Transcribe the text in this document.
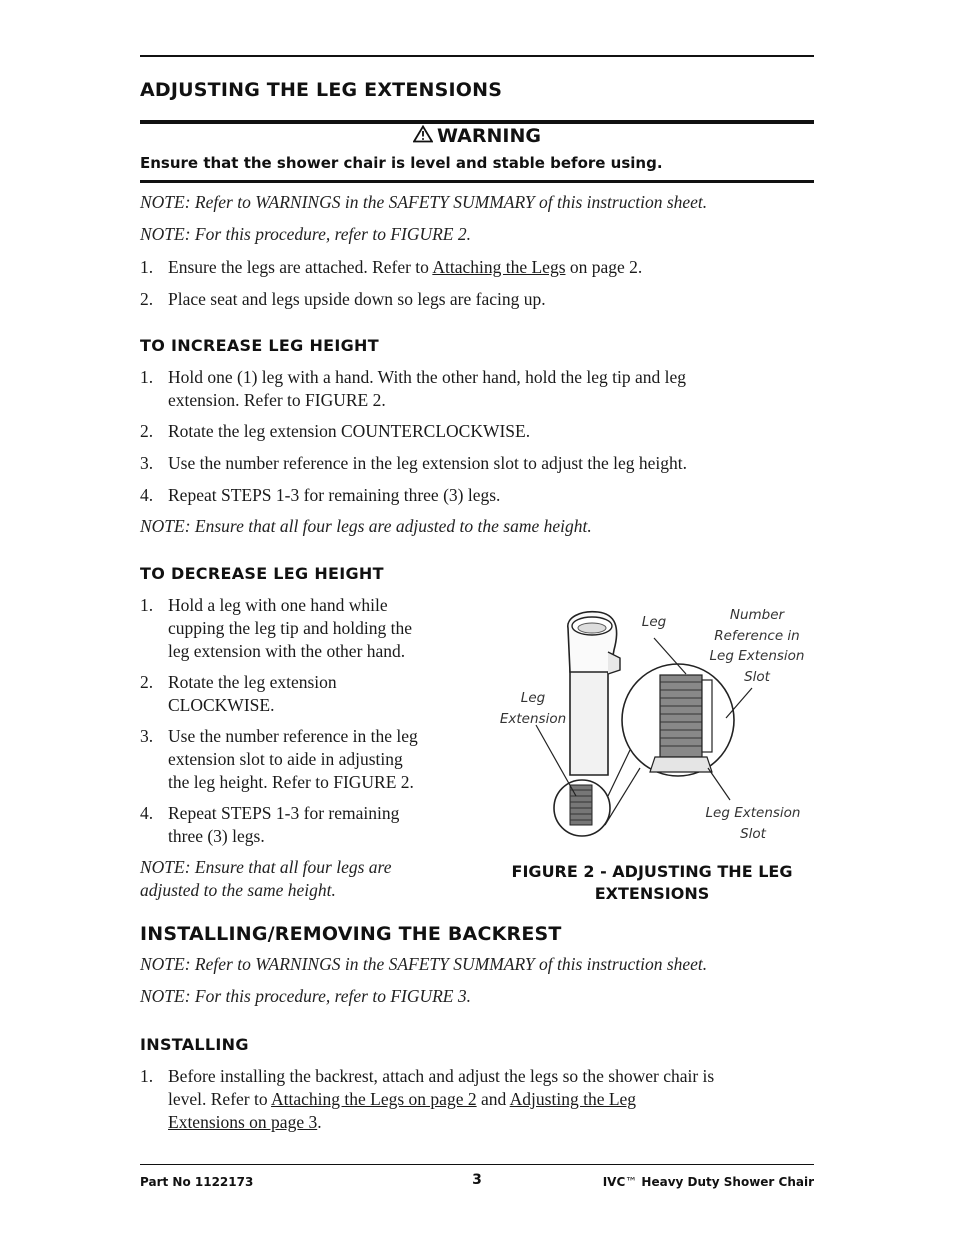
ADJUSTING THE LEG EXTENSIONS
WARNING
Ensure that the shower chair is level and stable before using.
NOTE: Refer to WARNINGS in the SAFETY SUMMARY of this instruction sheet.
NOTE: For this procedure, refer to FIGURE 2.
1. Ensure the legs are attached. Refer to Attaching the Legs on page 2.
2. Place seat and legs upside down so legs are facing up.
TO INCREASE LEG HEIGHT
1. Hold one (1) leg with a hand. With the other hand, hold the leg tip and leg
extension. Refer to FIGURE 2.
2. Rotate the leg extension COUNTERCLOCKWISE.
3. Use the number reference in the leg extension slot to adjust the leg height.
4. Repeat STEPS 1-3 for remaining three (3) legs.
NOTE: Ensure that all four legs are adjusted to the same height.
TO DECREASE LEG HEIGHT
1. Hold a leg with one hand while
cupping the leg tip and holding the
leg extension with the other hand.
2. Rotate the leg extension
CLOCKWISE.
3. Use the number reference in the leg
extension slot to aide in adjusting
the leg height. Refer to FIGURE 2.
4. Repeat STEPS 1-3 for remaining
three (3) legs.
NOTE: Ensure that all four legs are
adjusted to the same height.
Leg	Number
Reference in
Leg Extension
Slot
Leg
Extension
Leg Extension
Slot
FIGURE 2 - ADJUSTING THE LEG
EXTENSIONS
INSTALLING/REMOVING THE BACKREST
NOTE: Refer to WARNINGS in the SAFETY SUMMARY of this instruction sheet.
NOTE: For this procedure, refer to FIGURE 3.
INSTALLING
1. Before installing the backrest, attach and adjust the legs so the shower chair is
level. Refer to Attaching the Legs on page 2 and Adjusting the Leg
Extensions on page 3.
Part No 1122173	3	IVC™ Heavy Duty Shower Chair
